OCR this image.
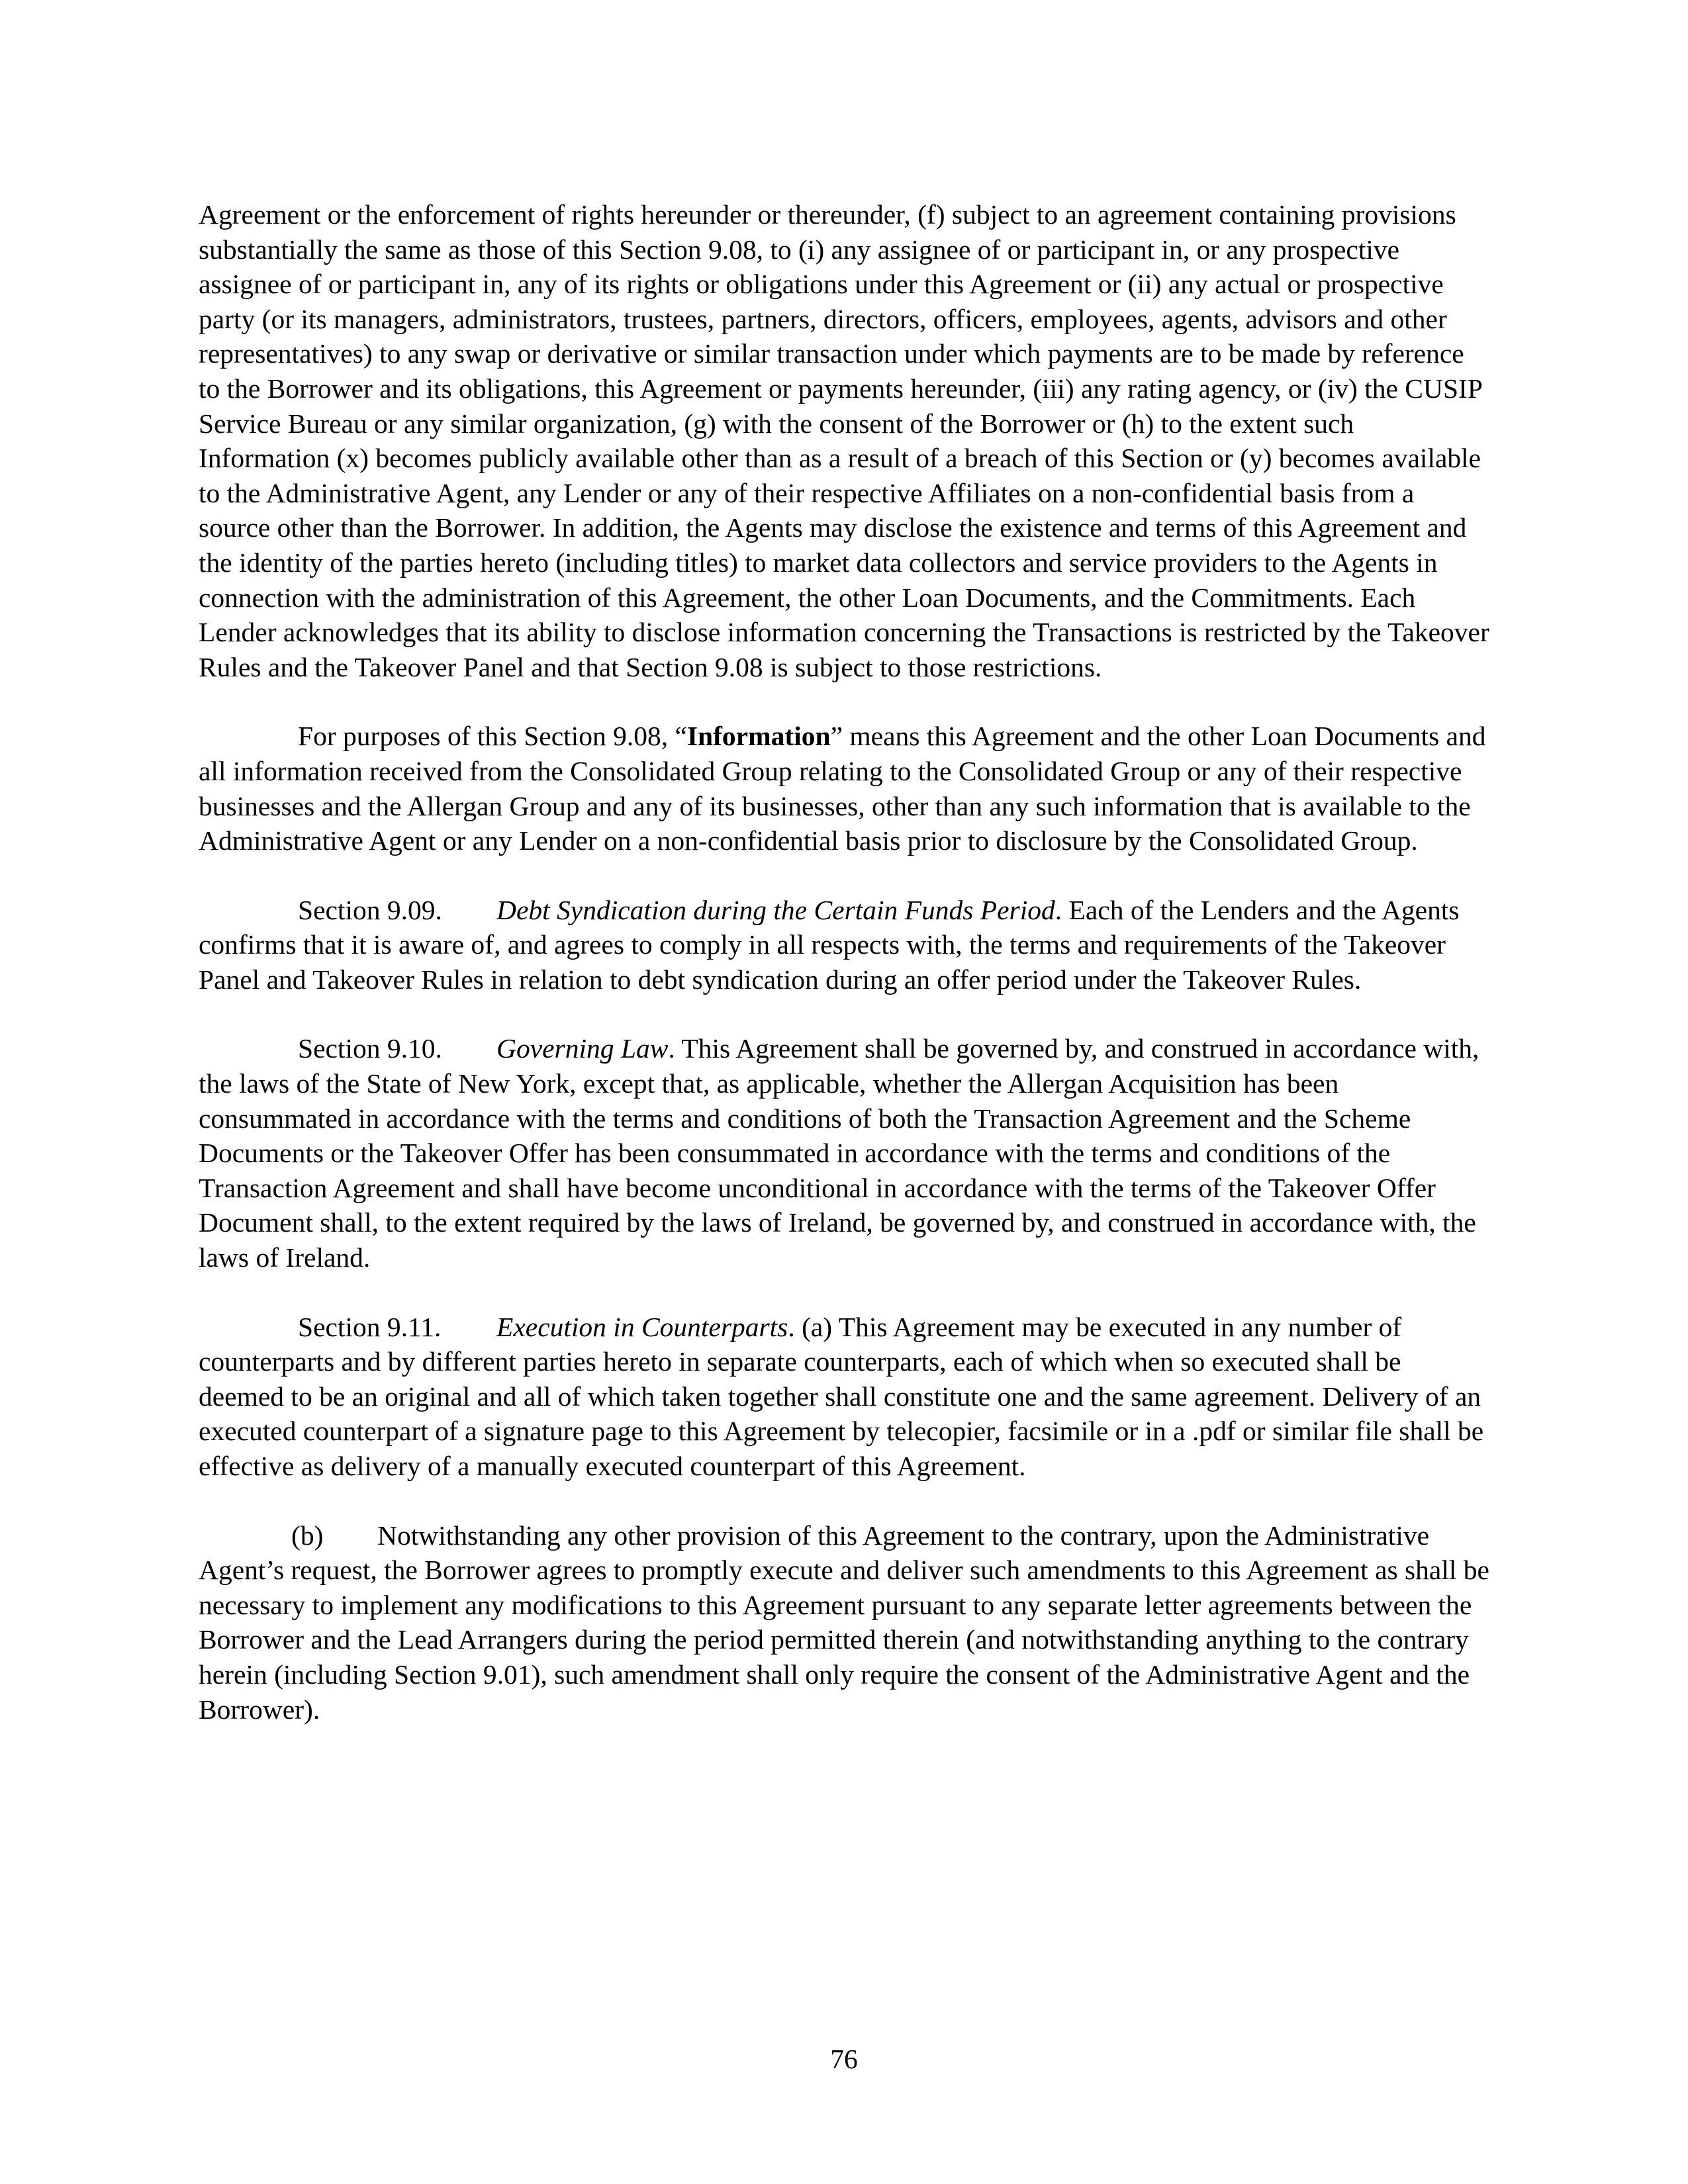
Agreement or the enforcement of rights hereunder or thereunder, (f) subject to an agreement containing provisions substantially the same as those of this Section 9.08, to (i) any assignee of or participant in, or any prospective assignee of or participant in, any of its rights or obligations under this Agreement or (ii) any actual or prospective party (or its managers, administrators, trustees, partners, directors, officers, employees, agents, advisors and other representatives) to any swap or derivative or similar transaction under which payments are to be made by reference to the Borrower and its obligations, this Agreement or payments hereunder, (iii) any rating agency, or (iv) the CUSIP Service Bureau or any similar organization, (g) with the consent of the Borrower or (h) to the extent such Information (x) becomes publicly available other than as a result of a breach of this Section or (y) becomes available to the Administrative Agent, any Lender or any of their respective Affiliates on a non-confidential basis from a source other than the Borrower. In addition, the Agents may disclose the existence and terms of this Agreement and the identity of the parties hereto (including titles) to market data collectors and service providers to the Agents in connection with the administration of this Agreement, the other Loan Documents, and the Commitments. Each Lender acknowledges that its ability to disclose information concerning the Transactions is restricted by the Takeover Rules and the Takeover Panel and that Section 9.08 is subject to those restrictions.

For purposes of this Section 9.08, “Information” means this Agreement and the other Loan Documents and all information received from the Consolidated Group relating to the Consolidated Group or any of their respective businesses and the Allergan Group and any of its businesses, other than any such information that is available to the Administrative Agent or any Lender on a non-confidential basis prior to disclosure by the Consolidated Group.

Section 9.09. Debt Syndication during the Certain Funds Period. Each of the Lenders and the Agents confirms that it is aware of, and agrees to comply in all respects with, the terms and requirements of the Takeover Panel and Takeover Rules in relation to debt syndication during an offer period under the Takeover Rules.

Section 9.10. Governing Law. This Agreement shall be governed by, and construed in accordance with, the laws of the State of New York, except that, as applicable, whether the Allergan Acquisition has been consummated in accordance with the terms and conditions of both the Transaction Agreement and the Scheme Documents or the Takeover Offer has been consummated in accordance with the terms and conditions of the Transaction Agreement and shall have become unconditional in accordance with the terms of the Takeover Offer Document shall, to the extent required by the laws of Ireland, be governed by, and construed in accordance with, the laws of Ireland.

Section 9.11. Execution in Counterparts. (a) This Agreement may be executed in any number of counterparts and by different parties hereto in separate counterparts, each of which when so executed shall be deemed to be an original and all of which taken together shall constitute one and the same agreement. Delivery of an executed counterpart of a signature page to this Agreement by telecopier, facsimile or in a .pdf or similar file shall be effective as delivery of a manually executed counterpart of this Agreement.

(b) Notwithstanding any other provision of this Agreement to the contrary, upon the Administrative Agent’s request, the Borrower agrees to promptly execute and deliver such amendments to this Agreement as shall be necessary to implement any modifications to this Agreement pursuant to any separate letter agreements between the Borrower and the Lead Arrangers during the period permitted therein (and notwithstanding anything to the contrary herein (including Section 9.01), such amendment shall only require the consent of the Administrative Agent and the Borrower).

76
